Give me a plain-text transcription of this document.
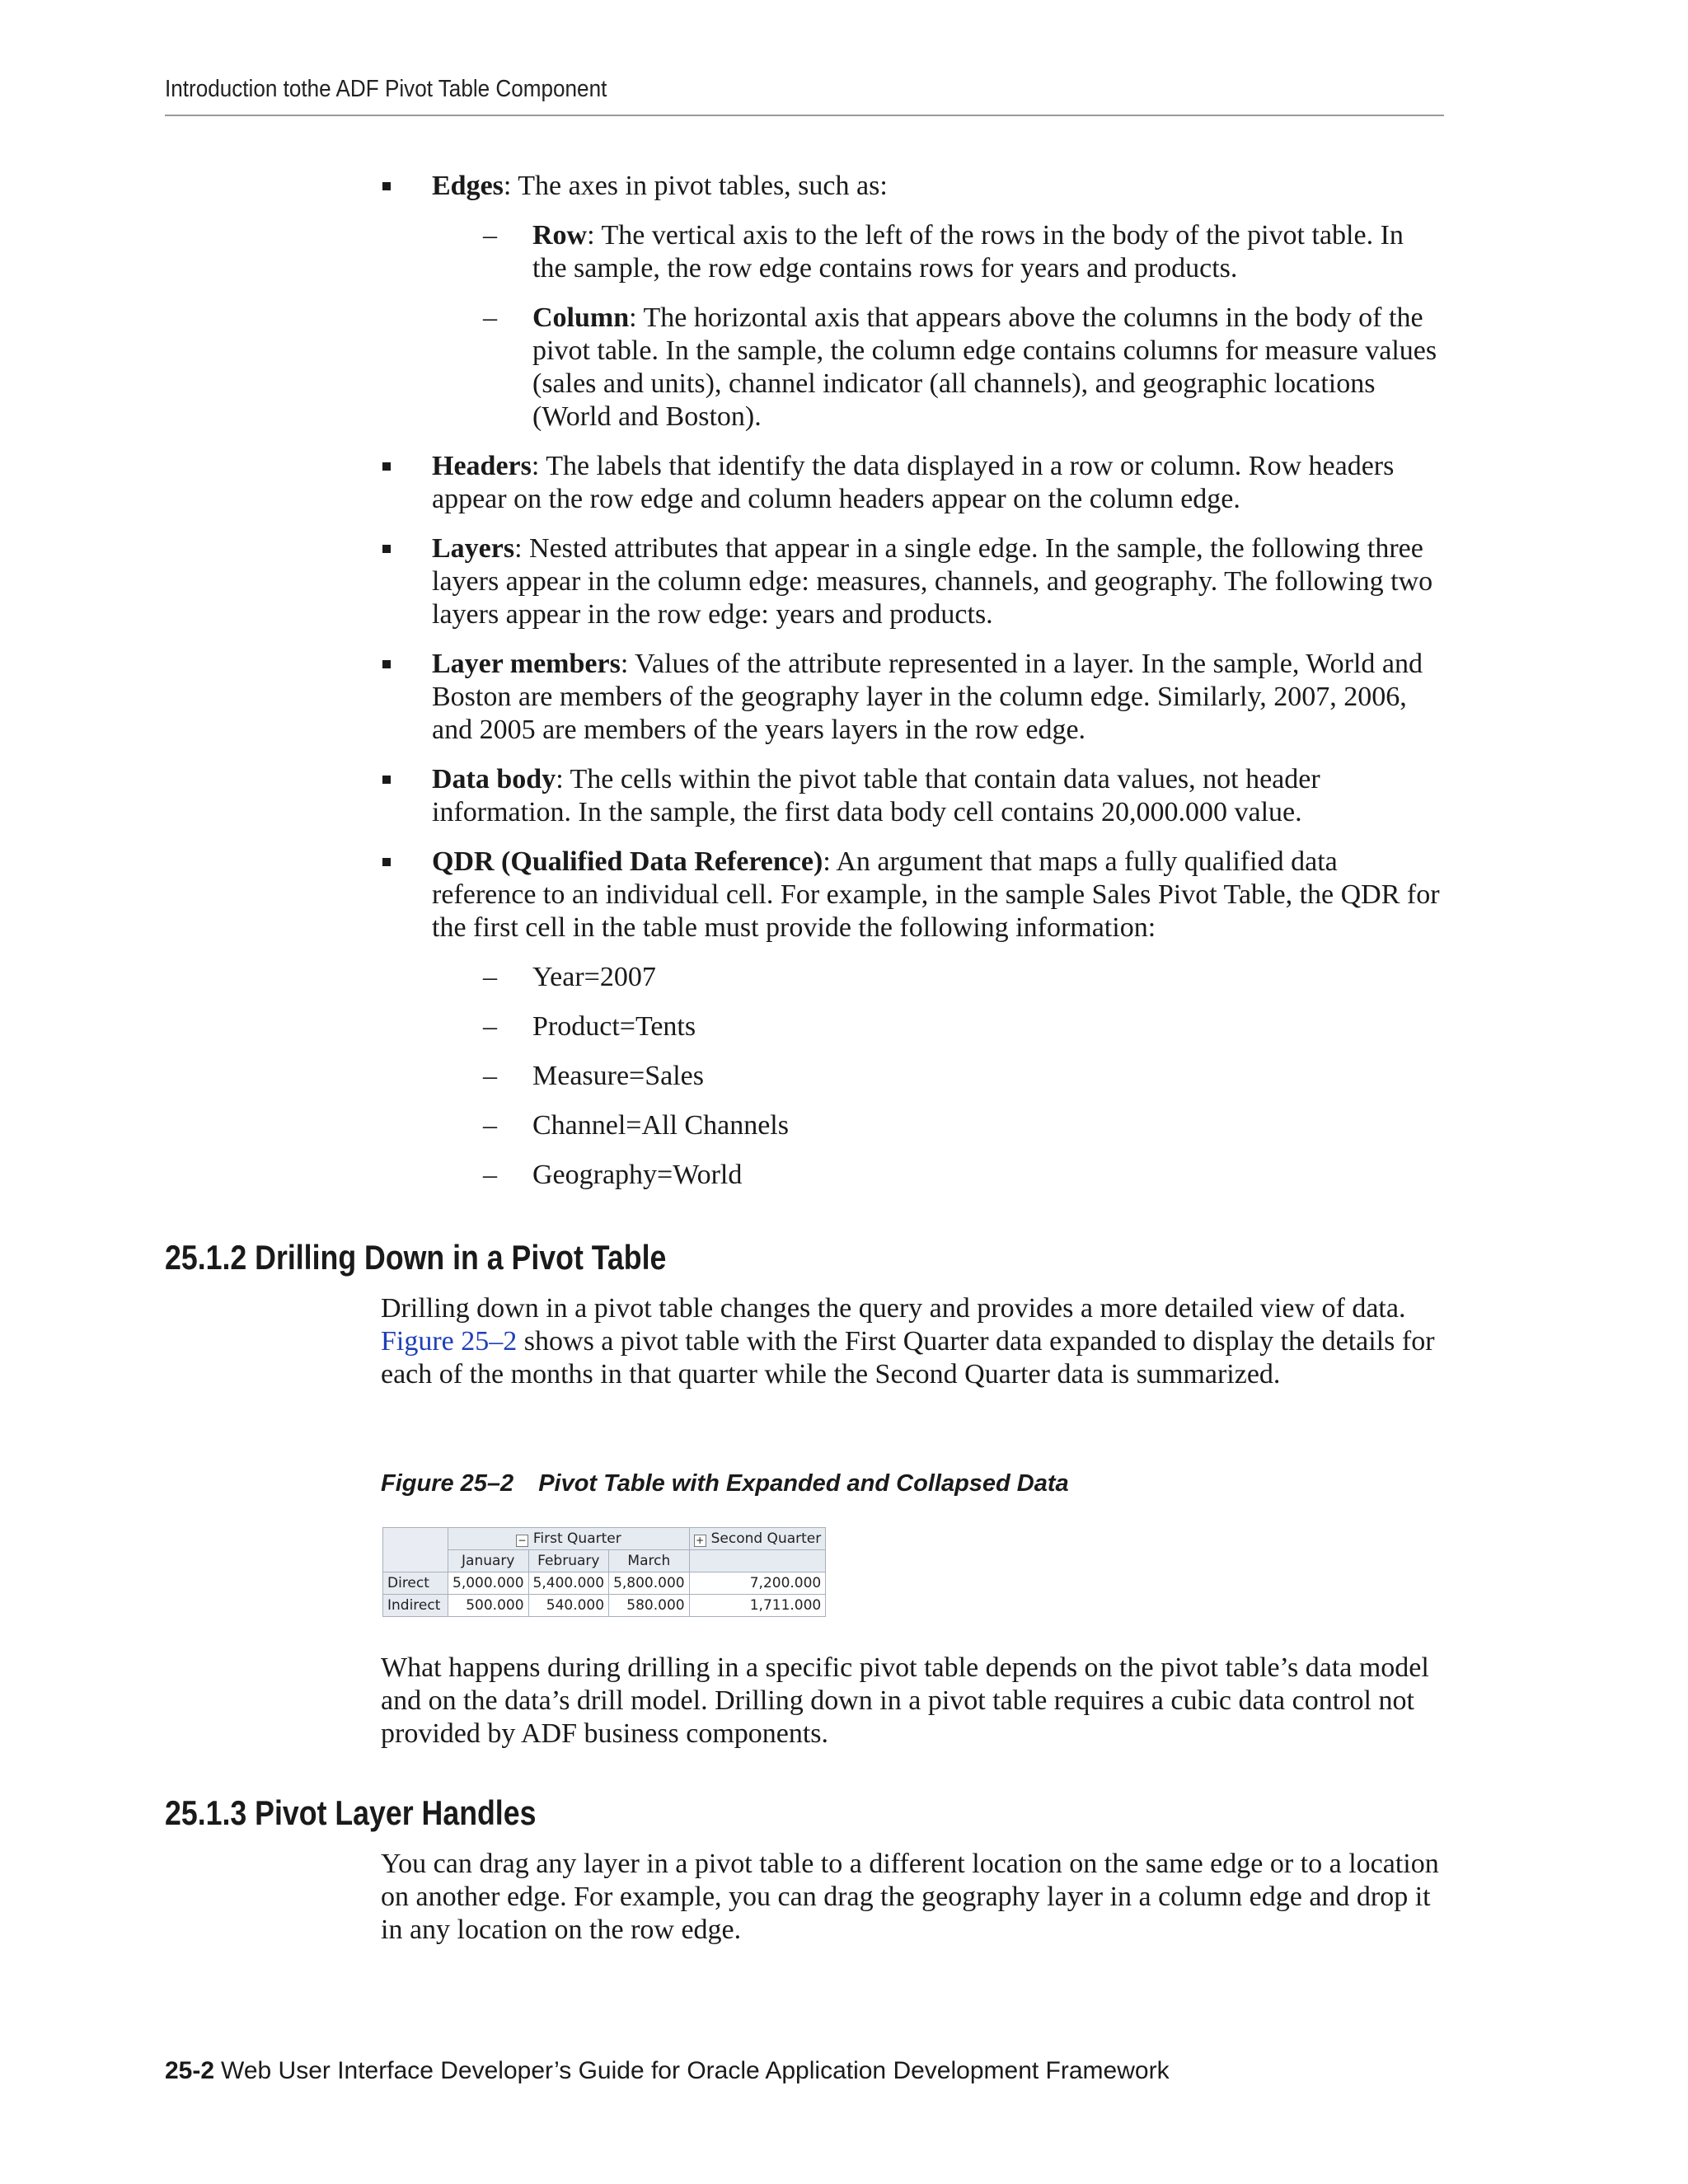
Introduction tothe ADF Pivot Table Component
Edges: The axes in pivot tables, such as:
– Row: The vertical axis to the left of the rows in the body of the pivot table. In the sample, the row edge contains rows for years and products.
– Column: The horizontal axis that appears above the columns in the body of the pivot table. In the sample, the column edge contains columns for measure values (sales and units), channel indicator (all channels), and geographic locations (World and Boston).
Headers: The labels that identify the data displayed in a row or column. Row headers appear on the row edge and column headers appear on the column edge.
Layers: Nested attributes that appear in a single edge. In the sample, the following three layers appear in the column edge: measures, channels, and geography. The following two layers appear in the row edge: years and products.
Layer members: Values of the attribute represented in a layer. In the sample, World and Boston are members of the geography layer in the column edge. Similarly, 2007, 2006, and 2005 are members of the years layers in the row edge.
Data body: The cells within the pivot table that contain data values, not header information. In the sample, the first data body cell contains 20,000.000 value.
QDR (Qualified Data Reference): An argument that maps a fully qualified data reference to an individual cell. For example, in the sample Sales Pivot Table, the QDR for the first cell in the table must provide the following information:
– Year=2007
– Product=Tents
– Measure=Sales
– Channel=All Channels
– Geography=World
25.1.2 Drilling Down in a Pivot Table

Drilling down in a pivot table changes the query and provides a more detailed view of data. Figure 25–2 shows a pivot table with the First Quarter data expanded to display the details for each of the months in that quarter while the Second Quarter data is summarized.

Figure 25–2 Pivot Table with Expanded and Collapsed Data

	− First Quarter			+ Second Quarter
	January	February	March	
Direct	5,000.000	5,400.000	5,800.000	7,200.000
Indirect	500.000	540.000	580.000	1,711.000

What happens during drilling in a specific pivot table depends on the pivot table’s data model and on the data’s drill model. Drilling down in a pivot table requires a cubic data control not provided by ADF business components.

25.1.3 Pivot Layer Handles

You can drag any layer in a pivot table to a different location on the same edge or to a location on another edge. For example, you can drag the geography layer in a column edge and drop it in any location on the row edge.

25-2 Web User Interface Developer’s Guide for Oracle Application Development Framework
